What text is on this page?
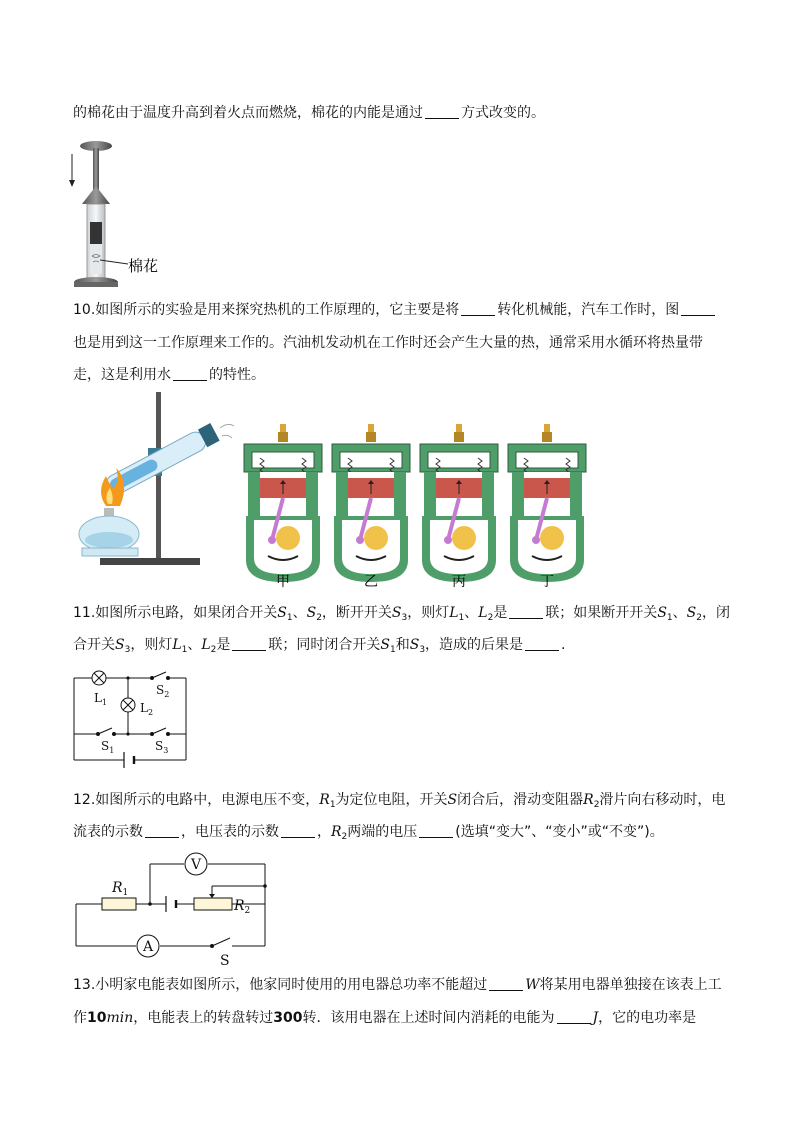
的棉花由于温度升高到着火点而燃烧，棉花的内能是通过	方式改变的。
棉花
10.如图所示的实验是用来探究热机的工作原理的，它主要是将	转化机械能，汽车工作时，图
也是用到这一工作原理来工作的。汽油机发动机在工作时还会产生大量的热，通常采用水循环将热量带
走，这是利用水	的特性。
甲	乙	丙	丁
11.如图所示电路，如果闭合开关$S_1$、$S_2$，断开开关$S_3$，则灯$L_1$、$L_2$是	联；如果断开开关$S_1$、$S_2$，闭
合开关$S_3$，则灯$L_1$、$L_2$是	联；同时闭合开关$S_1$和$S_3$，造成的后果是	.
$L_1$	$L_2$
$S_2$
$S_1$	$S_3$
12.如图所示的电路中，电源电压不变，$R_1$为定位电阻，开关S闭合后，滑动变阻器$R_2$滑片向右移动时，电
流表的示数	，电压表的示数	，$R_2$两端的电压	(选填“变大”、“变小”或“不变”)。
V
A
$R_1$
$R_2$
S
13.小明家电能表如图所示，他家同时使用的用电器总功率不能超过	W将某用电器单独接在该表上工
作10min，电能表上的转盘转过300转．该用电器在上述时间内消耗的电能为	J，它的电功率是
